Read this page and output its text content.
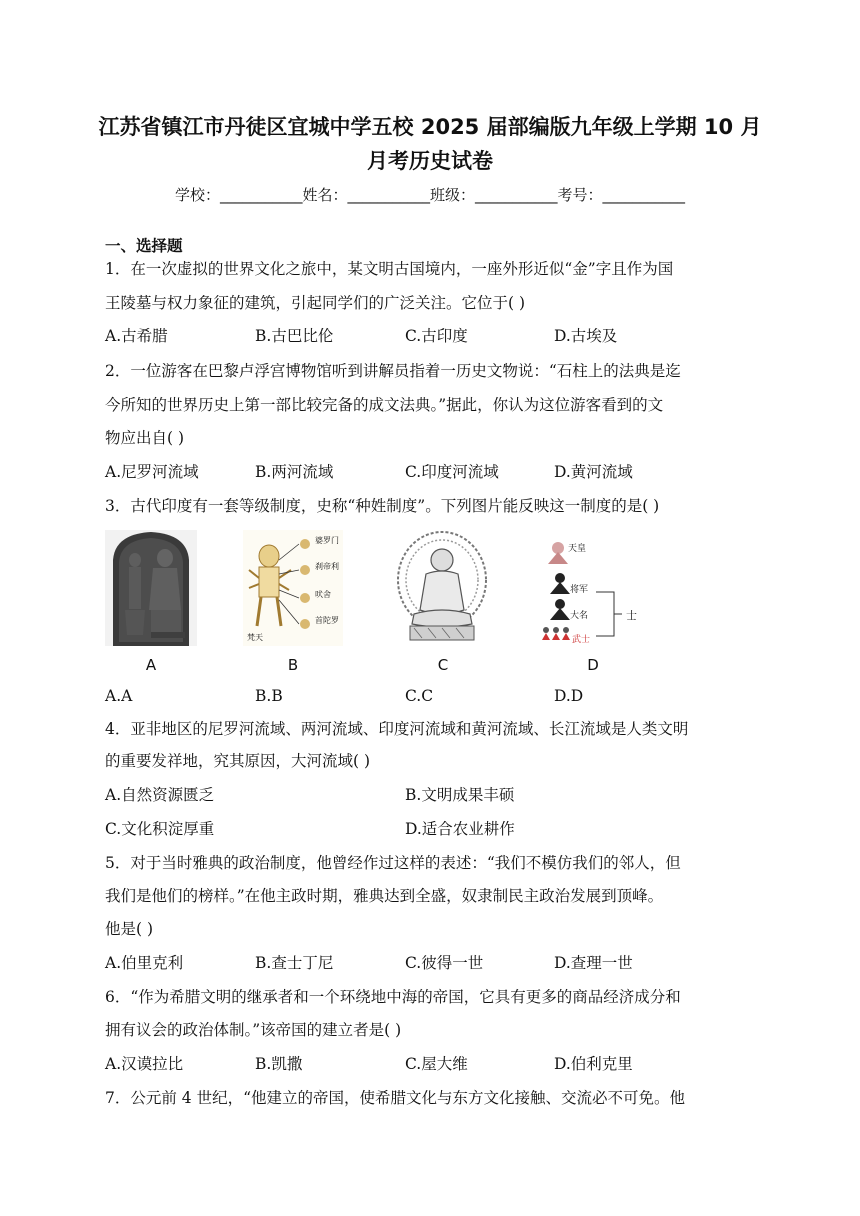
江苏省镇江市丹徒区宜城中学五校 2025 届部编版九年级上学期 10 月
月考历史试卷
学校：___________姓名：___________班级：___________考号：___________
一、选择题
1．在一次虚拟的世界文化之旅中，某文明古国境内，一座外形近似“金”字且作为国
王陵墓与权力象征的建筑，引起同学们的广泛关注。它位于( )
A.古希腊	B.古巴比伦	C.古印度	D.古埃及
2．一位游客在巴黎卢浮宫博物馆听到讲解员指着一历史文物说：“石柱上的法典是迄
今所知的世界历史上第一部比较完备的成文法典。”据此，你认为这位游客看到的文
物应出自( )
A.尼罗河流域	B.两河流域	C.印度河流域	D.黄河流域
3．古代印度有一套等级制度，史称“种姓制度”。下列图片能反映这一制度的是( )
A
婆罗门
刹帝利
吠舍
首陀罗
梵天
B	C
天皇
将军
大名
武士
士
D
A.A	B.B	C.C	D.D
4．亚非地区的尼罗河流域、两河流域、印度河流域和黄河流域、长江流域是人类文明
的重要发祥地，究其原因，大河流域( )
A.自然资源匮乏	B.文明成果丰硕
C.文化积淀厚重	D.适合农业耕作
5．对于当时雅典的政治制度，他曾经作过这样的表述：“我们不模仿我们的邻人，但
我们是他们的榜样。”在他主政时期，雅典达到全盛，奴隶制民主政治发展到顶峰。
他是( )
A.伯里克利	B.查士丁尼	C.彼得一世	D.查理一世
6．“作为希腊文明的继承者和一个环绕地中海的帝国，它具有更多的商品经济成分和
拥有议会的政治体制。”该帝国的建立者是( )
A.汉谟拉比	B.凯撒	C.屋大维	D.伯利克里
7．公元前 4 世纪，“他建立的帝国，使希腊文化与东方文化接触、交流必不可免。他
